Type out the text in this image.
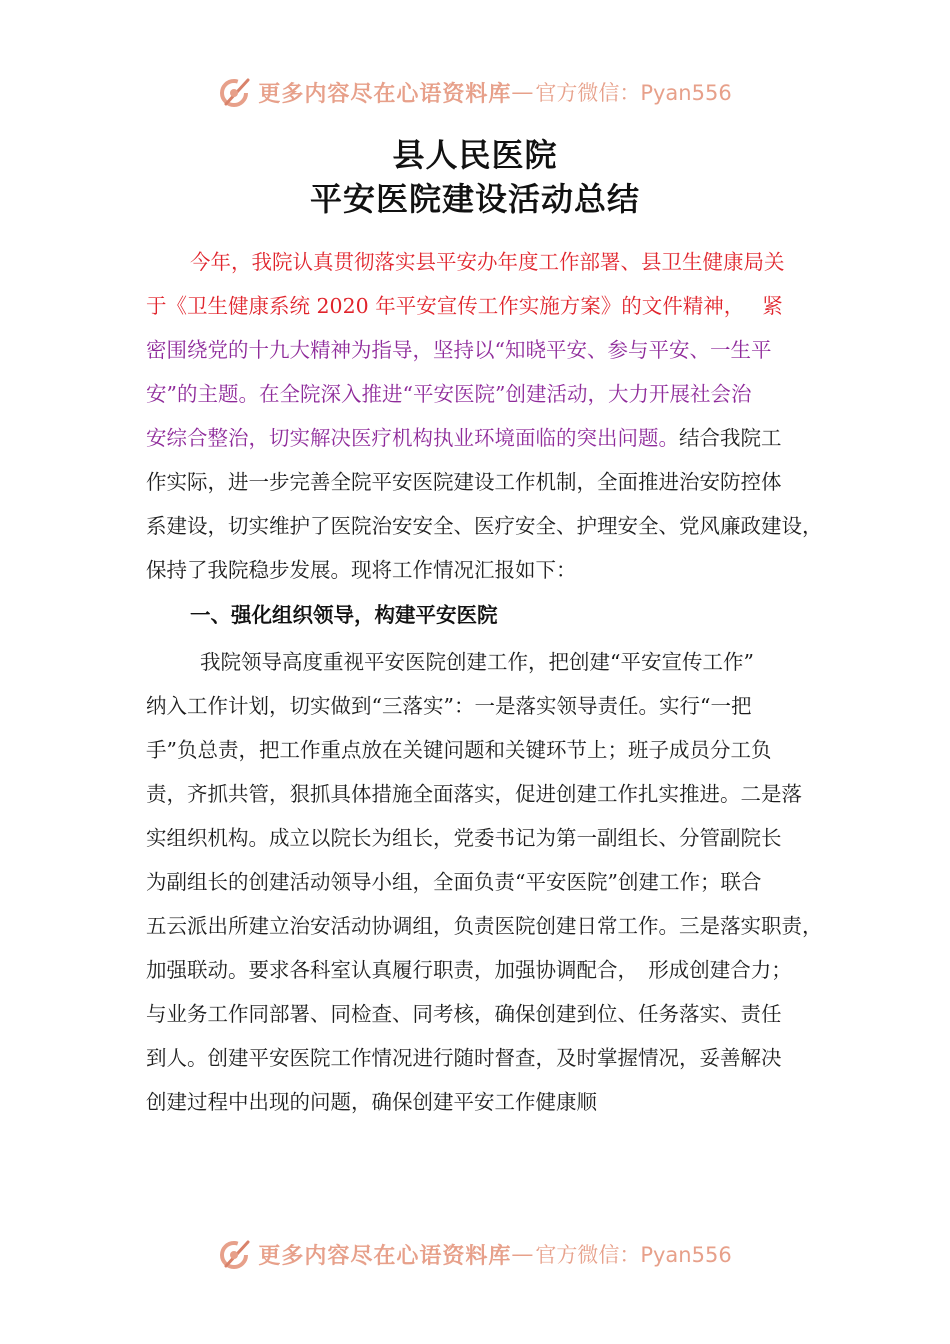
更多内容尽在心语资料库 — 官方微信：Pyan556
县人民医院
平安医院建设活动总结
今年，我院认真贯彻落实县平安办年度工作部署、县卫生健康局关
于《卫生健康系统 2020 年平安宣传工作实施方案》的文件精神， 紧
密围绕党的十九大精神为指导，坚持以“知晓平安、参与平安、一生平
安”的主题。在全院深入推进“平安医院”创建活动，大力开展社会治
安综合整治，切实解决医疗机构执业环境面临的突出问题。结合我院工
作实际，进一步完善全院平安医院建设工作机制，全面推进治安防控体
系建设，切实维护了医院治安安全、医疗安全、护理安全、党风廉政建设，
保持了我院稳步发展。现将工作情况汇报如下：
一、强化组织领导，构建平安医院
我院领导高度重视平安医院创建工作，把创建“平安宣传工作”
纳入工作计划，切实做到“三落实”：一是落实领导责任。实行“一把
手”负总责，把工作重点放在关键问题和关键环节上；班子成员分工负
责，齐抓共管，狠抓具体措施全面落实，促进创建工作扎实推进。二是落
实组织机构。成立以院长为组长，党委书记为第一副组长、分管副院长
为副组长的创建活动领导小组，全面负责“平安医院”创建工作；联合
五云派出所建立治安活动协调组，负责医院创建日常工作。三是落实职责，
加强联动。要求各科室认真履行职责，加强协调配合，　形成创建合力；
与业务工作同部署、同检查、同考核，确保创建到位、任务落实、责任
到人。创建平安医院工作情况进行随时督查，及时掌握情况，妥善解决
创建过程中出现的问题，确保创建平安工作健康顺
更多内容尽在心语资料库 — 官方微信：Pyan556
